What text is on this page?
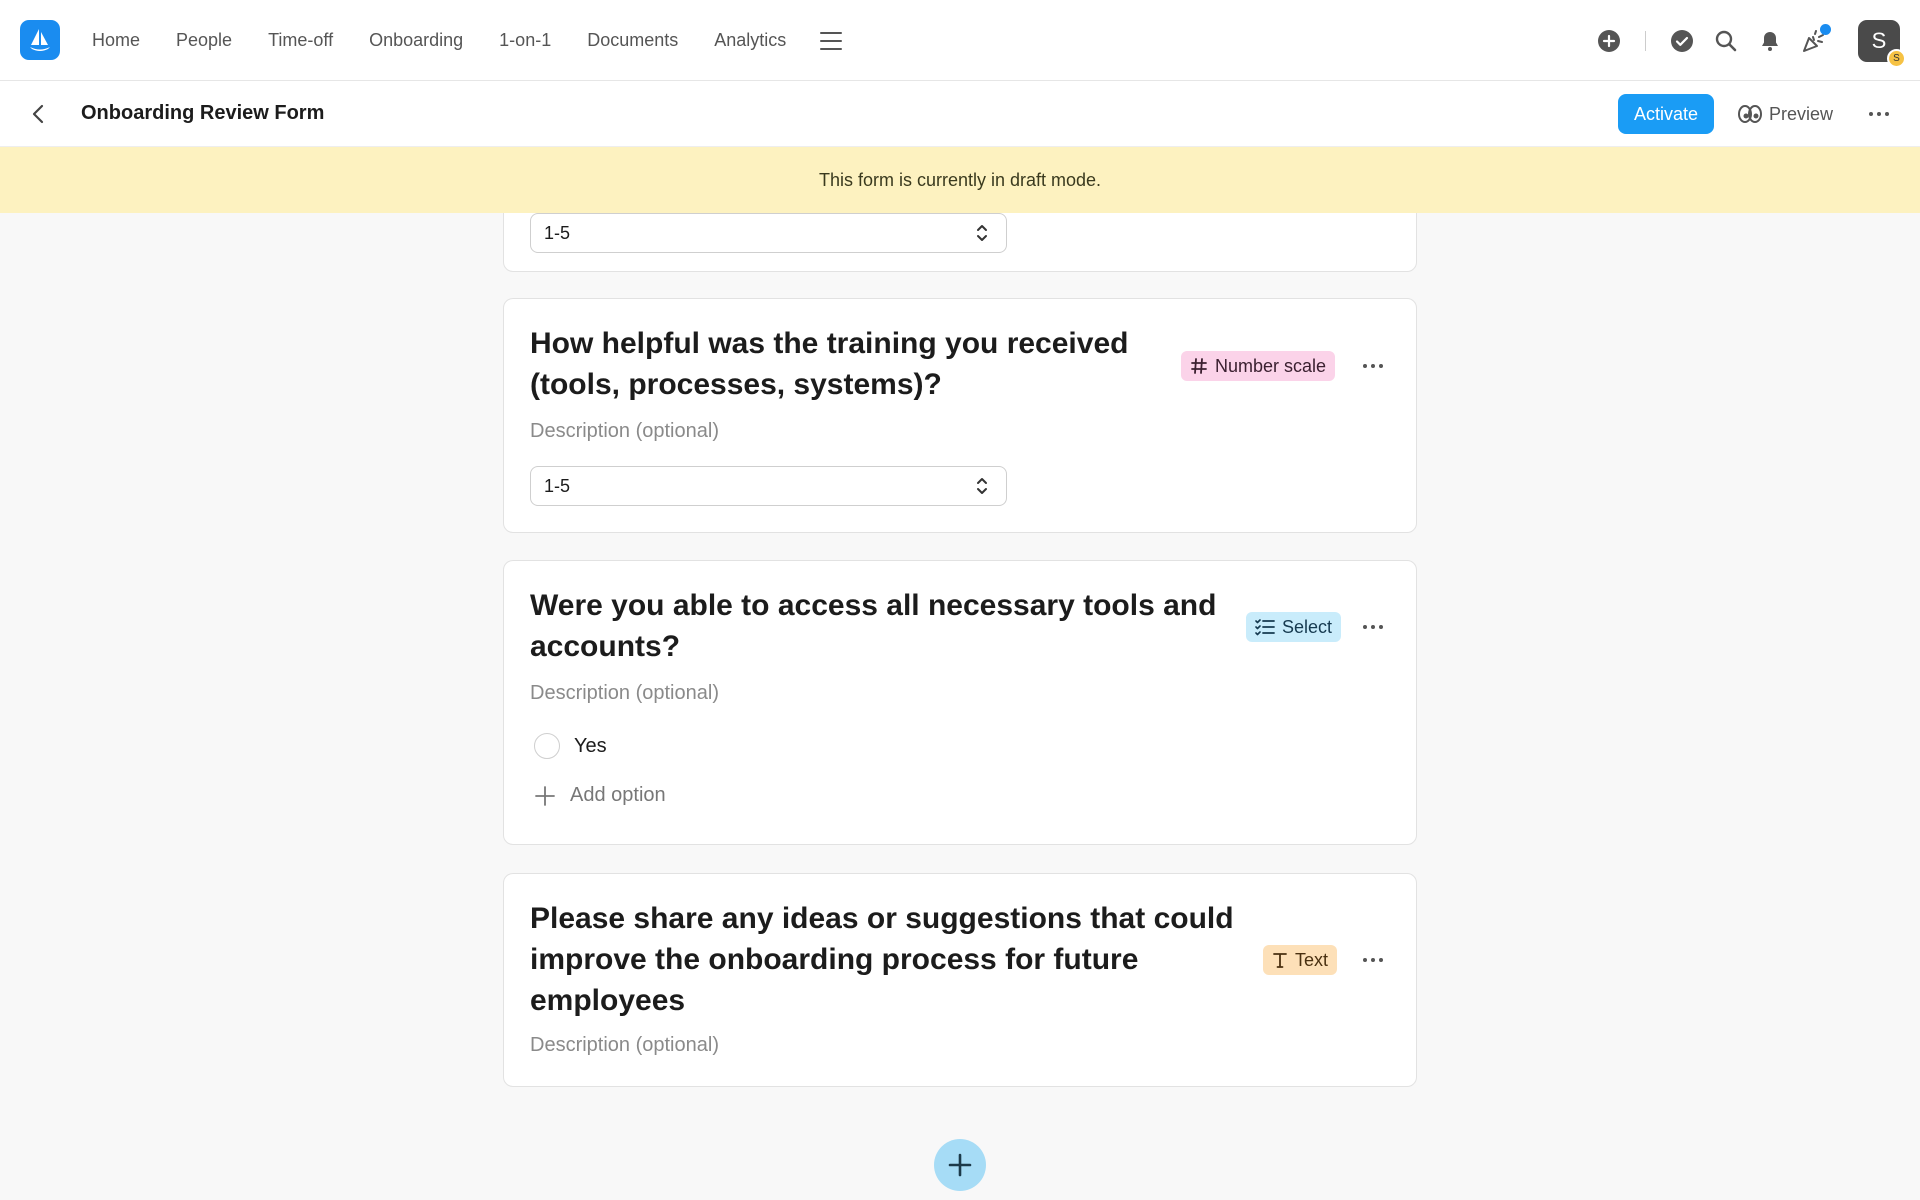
Home People Time-off Onboarding 1-on-1 Documents Analytics	S
S
Onboarding Review Form	Activate	Preview
This form is currently in draft mode.
1-5
How helpful was the training you received
(tools, processes, systems)?
Number scale
Description (optional)
1-5
Were you able to access all necessary tools and
accounts?
Select
Description (optional)
Yes
Add option
Please share any ideas or suggestions that could
improve the onboarding process for future
employees
Text
Description (optional)
